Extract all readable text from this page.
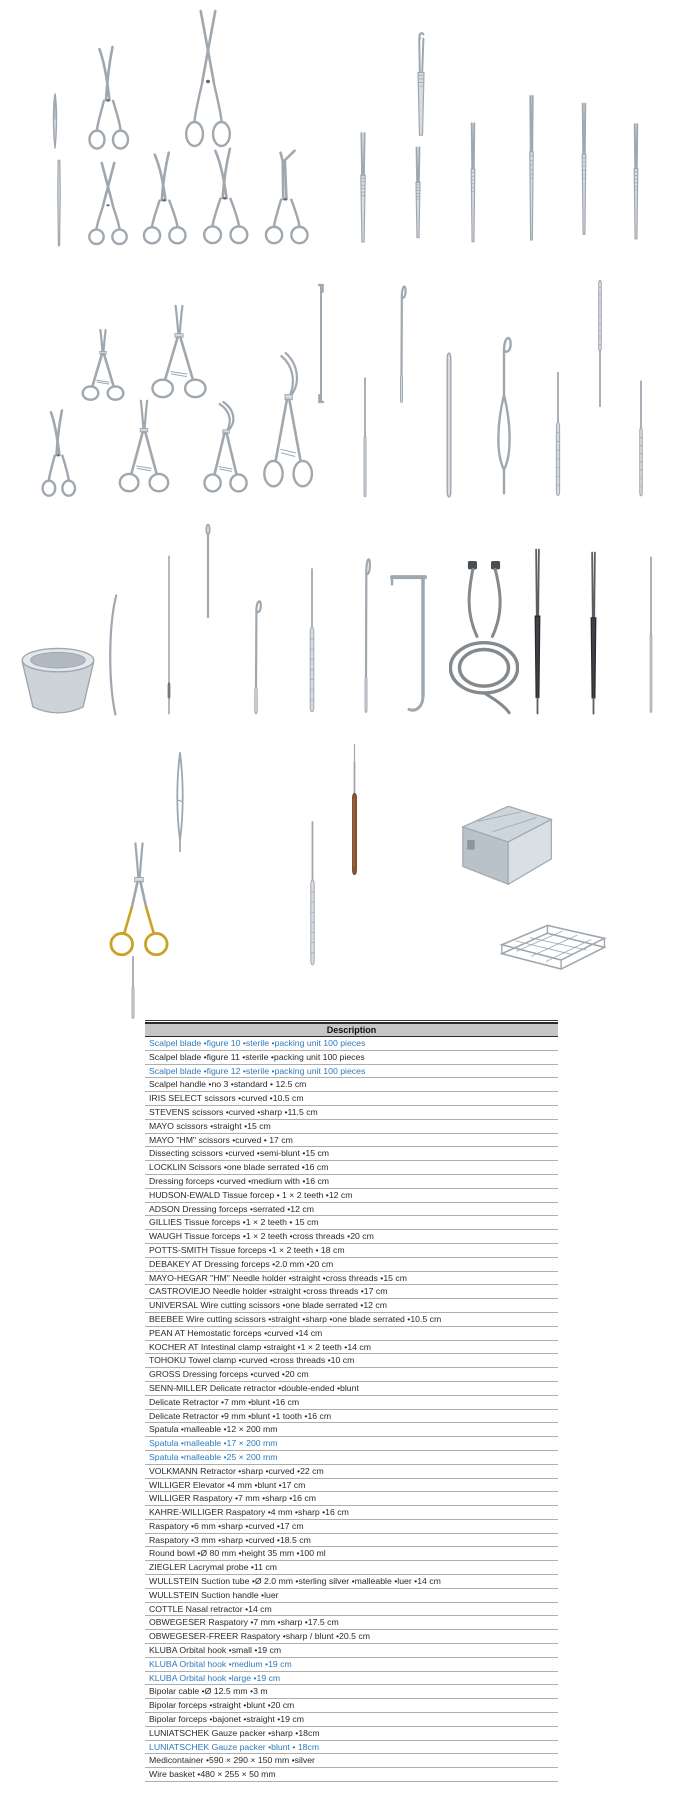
Description
Scalpel blade •figure 10 •sterile •packing unit 100 pieces
Scalpel blade •figure 11 •sterile •packing unit 100 pieces
Scalpel blade •figure 12 •sterile •packing unit 100 pieces
Scalpel handle •no 3 •standard • 12.5 cm
IRIS SELECT scissors •curved •10.5 cm
STEVENS scissors •curved •sharp •11.5 cm
MAYO scissors •straight •15 cm
MAYO "HM" scissors •curved • 17 cm
Dissecting scissors •curved •semi-blunt •15 cm
LOCKLIN Scissors •one blade serrated •16 cm
Dressing forceps •curved •medium with •16 cm
HUDSON-EWALD Tissue forcep • 1 × 2 teeth •12 cm
ADSON Dressing forceps •serrated •12 cm
GILLIES Tissue forceps •1 × 2 teeth • 15 cm
WAUGH Tissue forceps •1 × 2 teeth •cross threads •20 cm
POTTS-SMITH Tissue forceps •1 × 2 teeth • 18 cm
DEBAKEY AT Dressing forceps •2.0 mm •20 cm
MAYO-HEGAR "HM" Needle holder •straight •cross threads •15 cm
CASTROVIEJO Needle holder •straight •cross threads •17 cm
UNIVERSAL Wire cutting scissors •one blade serrated •12 cm
BEEBEE Wire cutting scissors •straight •sharp •one blade serrated •10.5 cm
PEAN AT Hemostatic forceps •curved •14 cm
KOCHER AT Intestinal clamp •straight •1 × 2 teeth •14 cm
TOHOKU Towel clamp •curved •cross threads •10 cm
GROSS Dressing forceps •curved •20 cm
SENN-MILLER Delicate retractor •double-ended •blunt
Delicate Retractor •7 mm •blunt •16 cm
Delicate Retractor •9 mm •blunt •1 tooth •16 cm
Spatula •malleable •12 × 200 mm
Spatula •malleable •17 × 200 mm
Spatula •malleable •25 × 200 mm
VOLKMANN Retractor •sharp •curved •22 cm
WILLIGER Elevator •4 mm •blunt •17 cm
WILLIGER Raspatory •7 mm •sharp •16 cm
KAHRE-WILLIGER Raspatory •4 mm •sharp •16 cm
Raspatory •6 mm •sharp •curved •17 cm
Raspatory •3 mm •sharp •curved •18.5 cm
Round bowl •Ø 80 mm •height 35 mm •100 ml
ZIEGLER Lacrymal probe •11 cm
WULLSTEIN Suction tube •Ø 2.0 mm •sterling silver •malleable •luer •14 cm
WULLSTEIN Suction handle •luer
COTTLE Nasal retractor •14 cm
OBWEGESER Raspatory •7 mm •sharp •17.5 cm
OBWEGESER-FREER Raspatory •sharp / blunt •20.5 cm
KLUBA Orbital hook •small •19 cm
KLUBA Orbital hook •medium •19 cm
KLUBA Orbital hook •large •19 cm
Bipolar cable •Ø 12.5 mm •3 m
Bipolar forceps •straight •blunt •20 cm
Bipolar forceps •bajonet •straight •19 cm
LUNIATSCHEK Gauze packer •sharp •18cm
LUNIATSCHEK Gauze packer •blunt • 18cm
Medicontainer •590 × 290 × 150 mm •silver
Wire basket •480 × 255 × 50 mm
